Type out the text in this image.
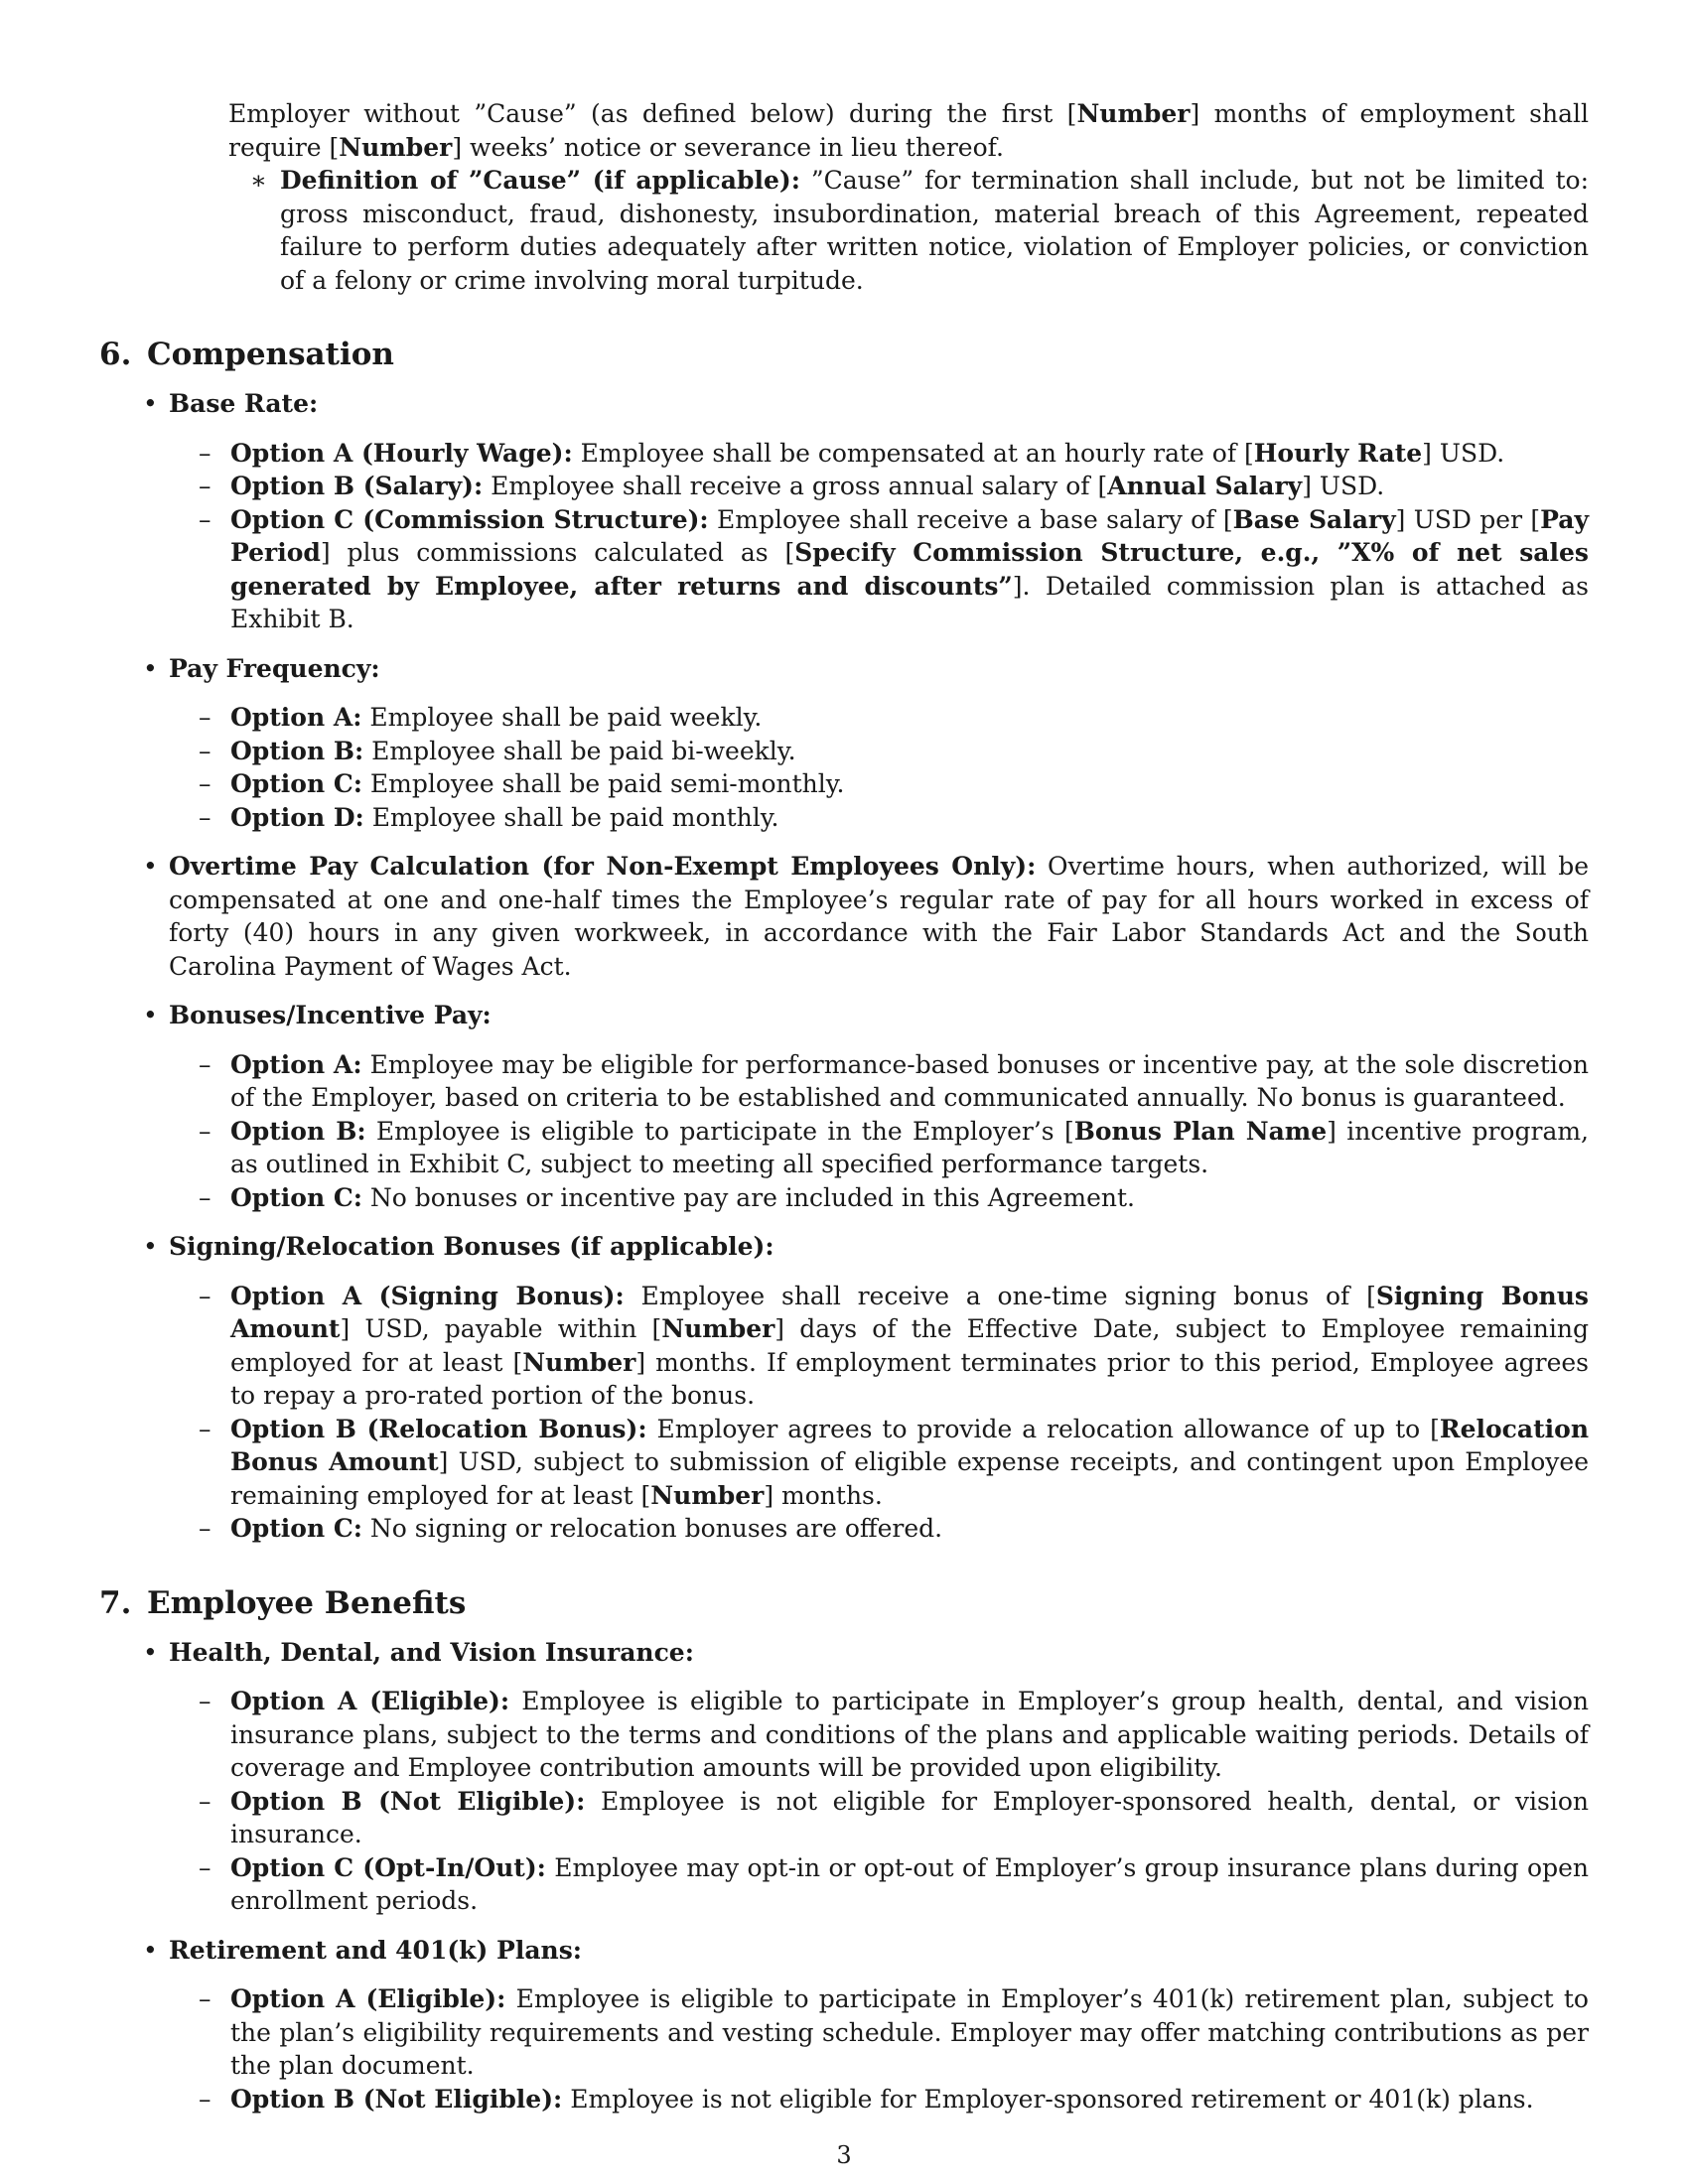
Employer without ”Cause” (as defined below) during the first [Number] months of employment shall require [Number] weeks’ notice or severance in lieu thereof.

∗ Definition of ”Cause” (if applicable): ”Cause” for termination shall include, but not be limited to: gross misconduct, fraud, dishonesty, insubordination, material breach of this Agreement, repeated failure to perform duties adequately after written notice, violation of Employer policies, or conviction of a felony or crime involving moral turpitude.

6. Compensation

• Base Rate:

– Option A (Hourly Wage): Employee shall be compensated at an hourly rate of [Hourly Rate] USD.

– Option B (Salary): Employee shall receive a gross annual salary of [Annual Salary] USD.

– Option C (Commission Structure): Employee shall receive a base salary of [Base Salary] USD per [Pay Period] plus commissions calculated as [Specify Commission Structure, e.g., ”X% of net sales generated by Employee, after returns and discounts”]. Detailed commission plan is attached as Exhibit B.

• Pay Frequency:

– Option A: Employee shall be paid weekly.

– Option B: Employee shall be paid bi-weekly.

– Option C: Employee shall be paid semi-monthly.

– Option D: Employee shall be paid monthly.

• Overtime Pay Calculation (for Non-Exempt Employees Only): Overtime hours, when authorized, will be compensated at one and one-half times the Employee’s regular rate of pay for all hours worked in excess of forty (40) hours in any given workweek, in accordance with the Fair Labor Standards Act and the South Carolina Payment of Wages Act.

• Bonuses/Incentive Pay:

– Option A: Employee may be eligible for performance-based bonuses or incentive pay, at the sole discretion of the Employer, based on criteria to be established and communicated annually. No bonus is guaranteed.

– Option B: Employee is eligible to participate in the Employer’s [Bonus Plan Name] incentive program, as outlined in Exhibit C, subject to meeting all specified performance targets.

– Option C: No bonuses or incentive pay are included in this Agreement.

• Signing/Relocation Bonuses (if applicable):

– Option A (Signing Bonus): Employee shall receive a one-time signing bonus of [Signing Bonus Amount] USD, payable within [Number] days of the Effective Date, subject to Employee remaining employed for at least [Number] months. If employment terminates prior to this period, Employee agrees to repay a pro-rated portion of the bonus.

– Option B (Relocation Bonus): Employer agrees to provide a relocation allowance of up to [Relocation Bonus Amount] USD, subject to submission of eligible expense receipts, and contingent upon Employee remaining employed for at least [Number] months.

– Option C: No signing or relocation bonuses are offered.

7. Employee Benefits

• Health, Dental, and Vision Insurance:

– Option A (Eligible): Employee is eligible to participate in Employer’s group health, dental, and vision insurance plans, subject to the terms and conditions of the plans and applicable waiting periods. Details of coverage and Employee contribution amounts will be provided upon eligibility.

– Option B (Not Eligible): Employee is not eligible for Employer-sponsored health, dental, or vision insurance.

– Option C (Opt-In/Out): Employee may opt-in or opt-out of Employer’s group insurance plans during open enrollment periods.

• Retirement and 401(k) Plans:

– Option A (Eligible): Employee is eligible to participate in Employer’s 401(k) retirement plan, subject to the plan’s eligibility requirements and vesting schedule. Employer may offer matching contributions as per the plan document.

– Option B (Not Eligible): Employee is not eligible for Employer-sponsored retirement or 401(k) plans.

3
